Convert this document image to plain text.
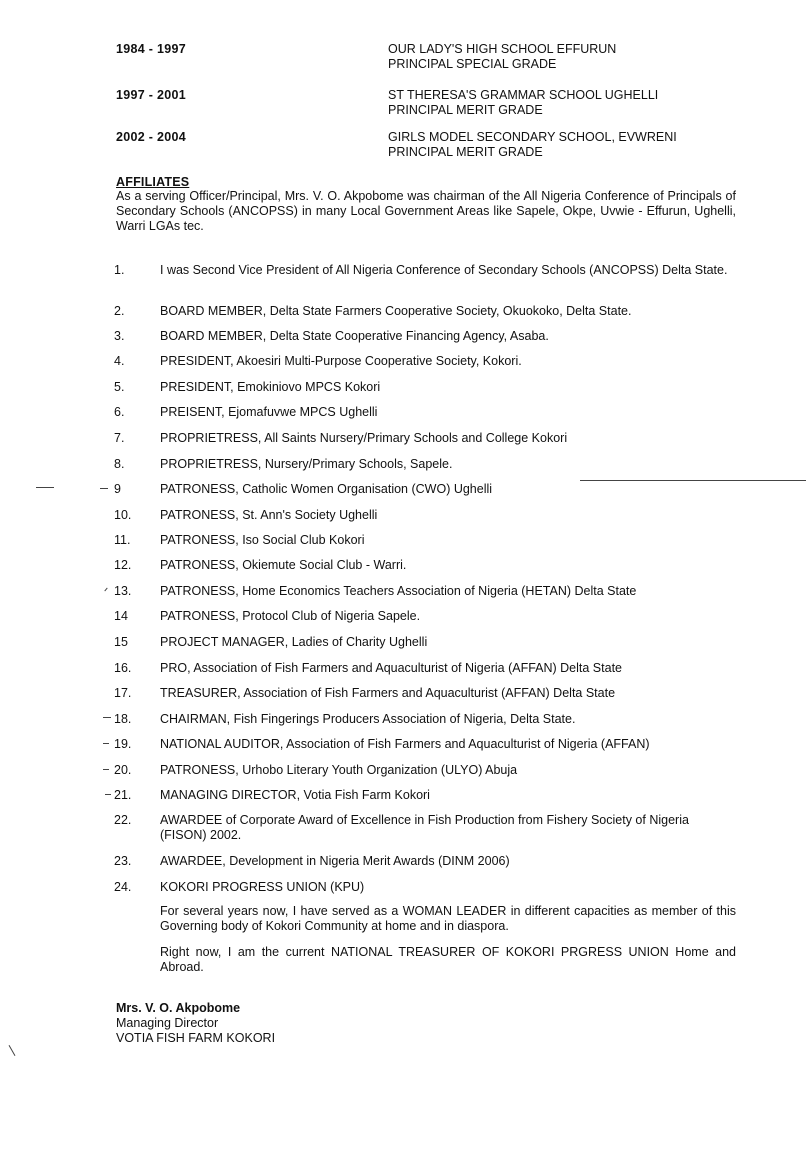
1984 - 1997	OUR LADY'S HIGH SCHOOL EFFURUN
PRINCIPAL SPECIAL GRADE
1997 - 2001	ST THERESA'S GRAMMAR SCHOOL UGHELLI
PRINCIPAL MERIT GRADE
2002 - 2004	GIRLS MODEL SECONDARY SCHOOL, EVWRENI
PRINCIPAL MERIT GRADE
AFFILIATES
As a serving Officer/Principal, Mrs. V. O. Akpobome was chairman of the All Nigeria Conference of Principals of Secondary Schools (ANCOPSS) in many Local Government Areas like Sapele, Okpe, Uvwie - Effurun, Ughelli, Warri LGAs tec.
1.	I was Second Vice President of All Nigeria Conference of Secondary Schools (ANCOPSS) Delta State.
2.	BOARD MEMBER, Delta State Farmers Cooperative Society, Okuokoko, Delta State.
3.	BOARD MEMBER, Delta State Cooperative Financing Agency, Asaba.
4.	PRESIDENT, Akoesiri Multi-Purpose Cooperative Society, Kokori.
5.	PRESIDENT, Emokiniovo MPCS Kokori
6.	PREISENT, Ejomafuvwe MPCS Ughelli
7.	PROPRIETRESS, All Saints Nursery/Primary Schools and College Kokori
8.	PROPRIETRESS, Nursery/Primary Schools, Sapele.
9	PATRONESS, Catholic Women Organisation (CWO) Ughelli
10.	PATRONESS, St. Ann's Society Ughelli
11.	PATRONESS, Iso Social Club Kokori
12.	PATRONESS, Okiemute Social Club - Warri.
13.	PATRONESS, Home Economics Teachers Association of Nigeria (HETAN) Delta State
14	PATRONESS, Protocol Club of Nigeria Sapele.
15	PROJECT MANAGER, Ladies of Charity Ughelli
16.	PRO, Association of Fish Farmers and Aquaculturist of Nigeria (AFFAN) Delta State
17.	TREASURER, Association of Fish Farmers and Aquaculturist (AFFAN) Delta State
18.	CHAIRMAN, Fish Fingerings Producers Association of Nigeria, Delta State.
19.	NATIONAL AUDITOR, Association of Fish Farmers and Aquaculturist of Nigeria (AFFAN)
20.	PATRONESS, Urhobo Literary Youth Organization (ULYO) Abuja
21.	MANAGING DIRECTOR, Votia Fish Farm Kokori
22.	AWARDEE of Corporate Award of Excellence in Fish Production from Fishery Society of Nigeria (FISON) 2002.
23.	AWARDEE, Development in Nigeria Merit Awards (DINM 2006)
24.	KOKORI PROGRESS UNION (KPU)
For several years now, I have served as a WOMAN LEADER in different capacities as member of this Governing body of Kokori Community at home and in diaspora.
Right now, I am the current NATIONAL TREASURER OF KOKORI PRGRESS UNION Home and Abroad.
Mrs. V. O. Akpobome
Managing Director
VOTIA FISH FARM KOKORI
